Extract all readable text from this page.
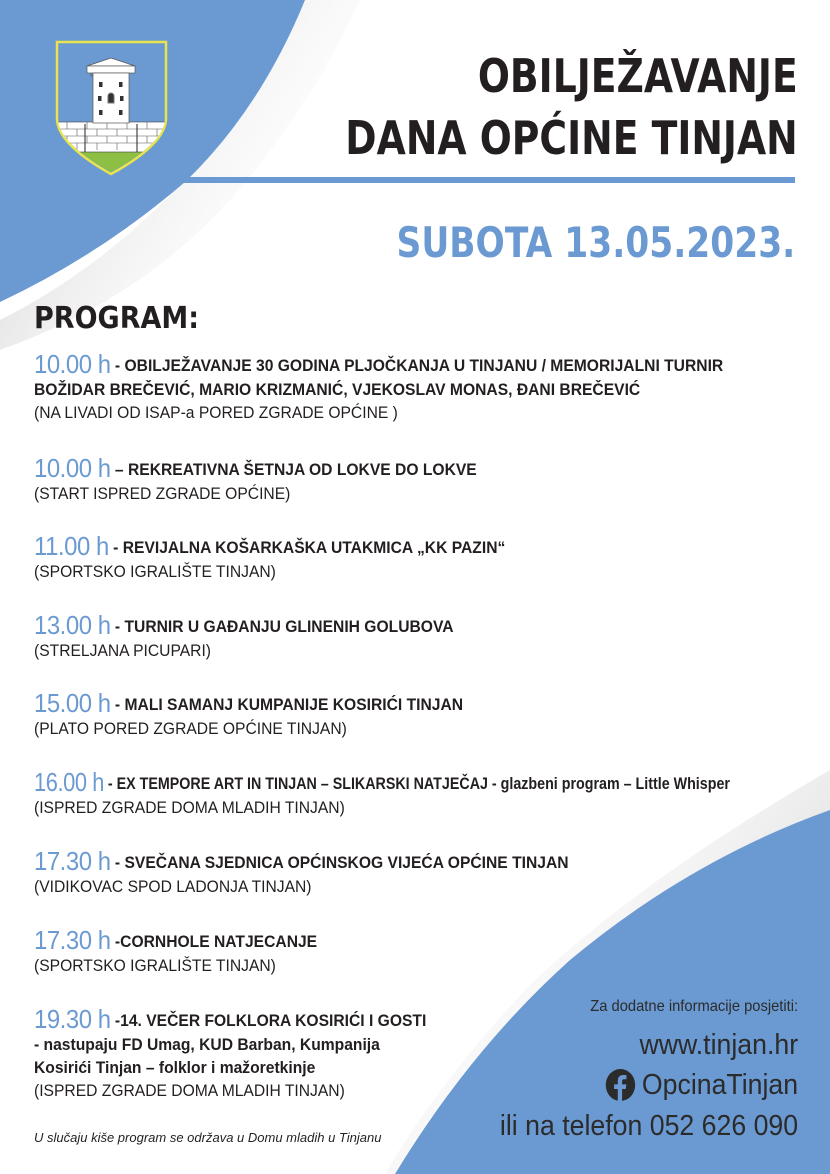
OBILJEŽAVANJE
DANA OPĆINE TINJAN
SUBOTA 13.05.2023.
PROGRAM:
10.00 h - OBILJEŽAVANJE 30 GODINA PLJOČKANJA U TINJANU / MEMORIJALNI TURNIR
BOŽIDAR BREČEVIĆ, MARIO KRIZMANIĆ, VJEKOSLAV MONAS, ĐANI BREČEVIĆ
(NA LIVADI OD ISAP-a PORED ZGRADE OPĆINE )
10.00 h – REKREATIVNA ŠETNJA OD LOKVE DO LOKVE
(START ISPRED ZGRADE OPĆINE)
11.00 h - REVIJALNA KOŠARKAŠKA UTAKMICA „KK PAZIN“
(SPORTSKO IGRALIŠTE TINJAN)
13.00 h - TURNIR U GAĐANJU GLINENIH GOLUBOVA
(STRELJANA PICUPARI)
15.00 h - MALI SAMANJ KUMPANIJE KOSIRIĆI TINJAN
(PLATO PORED ZGRADE OPĆINE TINJAN)
16.00 h - EX TEMPORE ART IN TINJAN – SLIKARSKI NATJEČAJ - glazbeni program – Little Whisper
(ISPRED ZGRADE DOMA MLADIH TINJAN)
17.30 h - SVEČANA SJEDNICA OPĆINSKOG VIJEĆA OPĆINE TINJAN
(VIDIKOVAC SPOD LADONJA TINJAN)
17.30 h -CORNHOLE NATJECANJE
(SPORTSKO IGRALIŠTE TINJAN)
19.30 h -14. VEČER FOLKLORA KOSIRIĆI I GOSTI
- nastupaju FD Umag, KUD Barban, Kumpanija
Kosirići Tinjan – folklor i mažoretkinje
(ISPRED ZGRADE DOMA MLADIH TINJAN)
U slučaju kiše program se održava u Domu mladih u Tinjanu
Za dodatne informacije posjetiti:
www.tinjan.hr
OpcinaTinjan
ili na telefon 052 626 090
